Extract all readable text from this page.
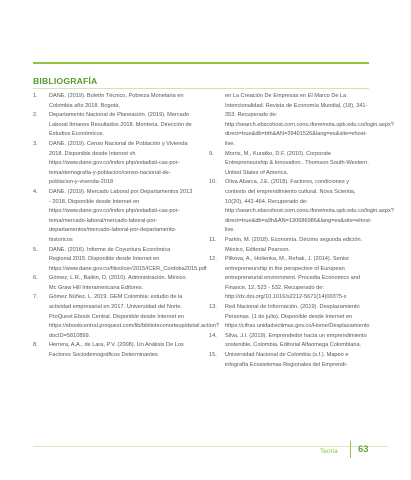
BIBLIOGRAFÍA
1.	DANE. (2019). Boletín Técnico, Pobreza Monetaria en Colombia año 2018. Bogotá.
2.	Departamento Nacional de Planeación. (2019). Mercado Laboral Itmanos Resultados 2018. Monteria. Dirección de Estudios Económicos.
3.	DANE. (2019). Censo Nacional de Población y Vivienda 2018. Disponible desde Internet vh https://www.dane.gov.co/index.php/estadisti-cas-por-tema/demografia-y-poblacion/censo-nacional-de-poblacion-y-vivenda-2018
4.	DANE. (2019). Mercado Laboral por Departamentos 2013 - 2018. Disponible desde Internet en https://www.dane.gov.co/index.php/estadisti-cas-por-tema/mercado-laboral/mercado-laboral-por-departamentos/mercado-laboral-por-departamento-historicos
5.	DANE. (2016). Informe de Coyuntura Económica Regional 2015. Disponible desde Internet en https://www.dane.gov.co/files/icer/2015/ICER_Cordoba2015.pdf
6.	Gómez, L.R., Balkin, D. (2010). Administración. México. Mc Graw Hill Interamericana Editores.
7.	Gómez Núñez, L. 2019. GEM Colombia: estudio de la actividad empresarial en 2017. Universidad del Norte. ProQuest Ebook Central. Disponible desde Internet en https://ebookcentral.proquest.com/lib/biblioteconorteup/detail.action?docID=5810899.
8.	Herrera, A.A., de Lara, P.V. (2008). Un Análisis De Los Factores Sociodemográficos Determinantes
en La Creación De Empresas en El Marco De La Intencionalidad. Revista de Economía Mundial, (18), 341- 353. Recuperado de: http://search.ebscohost.com.conu.ifonemota.upb.edu.co/login.aspx?direct=true&db=bth&AN=39401526&lang=es&site=ehost-live.
9.	Morris, M., Kuratko, D.F. (2010). Corporate Entrepreneurship & Innovation . Thomson South-Western. United States of America.
10.	Oliva Abarca, J.E. (2018). Factores, condiciones y contexto del emprendimiento cultural. Nova Scientia, 10(20), 442-464. Recuperado de: http://search.ebscohost.com.conu.ifonemota.upb.edu.co/login.aspx?direct=true&db=a9h&AN=130686986&lang=es&site=ehost-live.
11.	Parkin, M. (2018). Economía. Décimo segunda edición. México, Editorial Pearson.
12.	Pilkova, A., Holienka, M., Rehak, J. (2014). Senior entrepreneurship in the perspective of European entrepreneurial environment. Procedia Economics and Finance, 12, 523 - 532. Recuperado de: http://dx.doi.org/10.1016/s2212-5671(14)00375-x
13.	Red Nacional de Información. (2019). Desplazamiento Personas. (1 de julio). Disponible desde Internet en https://cifras.unidadvictimas.gov.co/Home/Desplazamiento
14.	Silva, J.I. (2019). Emprendedor hacia un emprendimiento sostenible, Colombia. Editorial Alfaomega Colombiana.
15.	Universidad Nacional de Colombia (s.f.). Mapeo e infografía Ecosistemas Regionales del Emprendi-
Teoria 63
